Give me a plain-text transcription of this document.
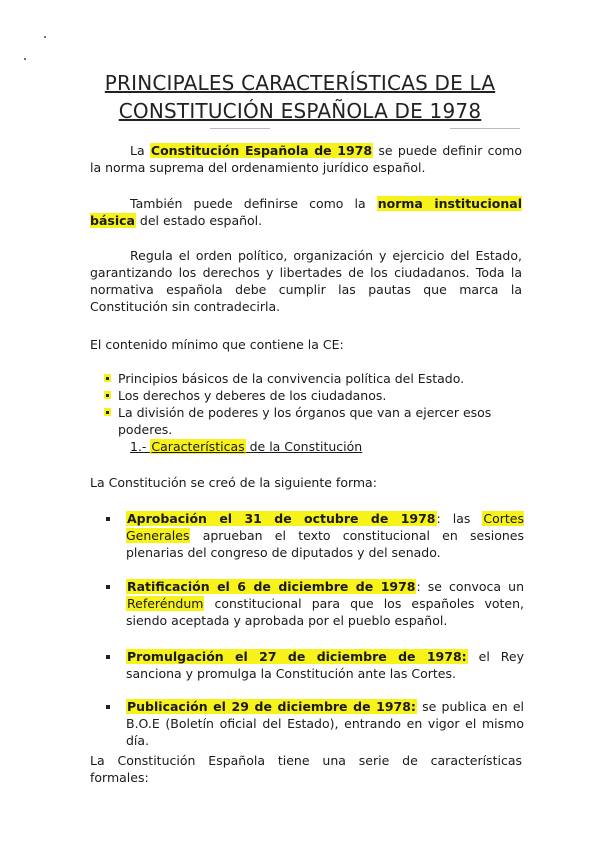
PRINCIPALES CARACTERÍSTICAS DE LA
CONSTITUCIÓN ESPAÑOLA DE 1978

La Constitución Española de 1978 se puede definir como la norma suprema del ordenamiento jurídico español.

También puede definirse como la norma institucional básica del estado español.

Regula el orden político, organización y ejercicio del Estado, garantizando los derechos y libertades de los ciudadanos. Toda la normativa española debe cumplir las pautas que marca la Constitución sin contradecirla.

El contenido mínimo que contiene la CE:

Principios básicos de la convivencia política del Estado.
Los derechos y deberes de los ciudadanos.
La división de poderes y los órganos que van a ejercer esos poderes.
1.- Características de la Constitución

La Constitución se creó de la siguiente forma:

Aprobación el 31 de octubre de 1978: las Cortes Generales aprueban el texto constitucional en sesiones plenarias del congreso de diputados y del senado.

Ratificación el 6 de diciembre de 1978: se convoca un Referéndum constitucional para que los españoles voten, siendo aceptada y aprobada por el pueblo español.

Promulgación el 27 de diciembre de 1978: el Rey sanciona y promulga la Constitución ante las Cortes.

Publicación el 29 de diciembre de 1978: se publica en el B.O.E (Boletín oficial del Estado), entrando en vigor el mismo día.

La Constitución Española tiene una serie de características formales:
